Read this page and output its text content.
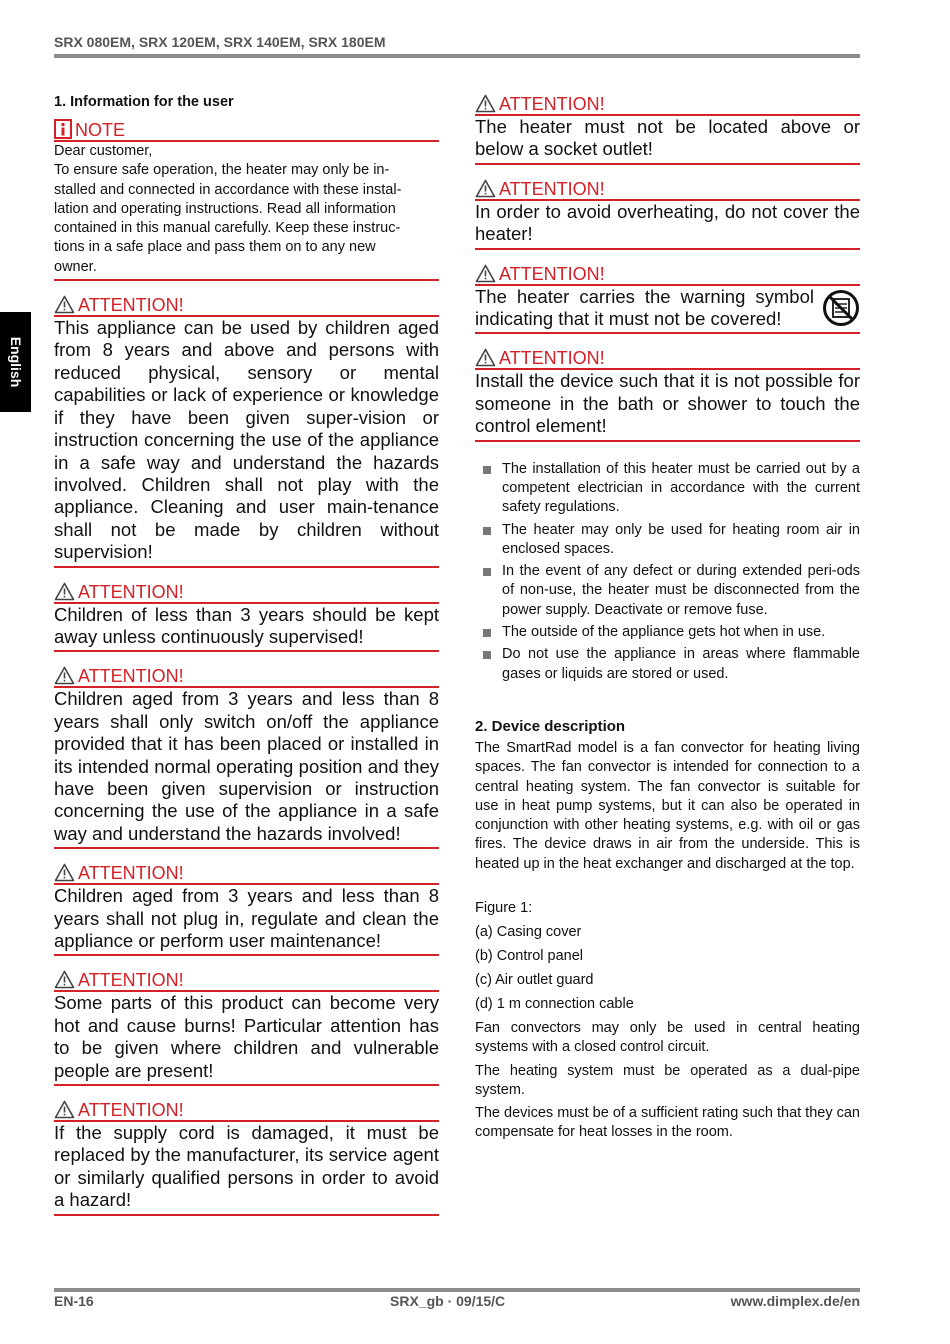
SRX 080EM, SRX 120EM, SRX 140EM, SRX 180EM
English
1. Information for the user
NOTE
Dear customer,
To ensure safe operation, the heater may only be in-
stalled and connected in accordance with these instal-
lation and operating instructions. Read all information
contained in this manual carefully. Keep these instruc-
tions in a safe place and pass them on to any new
owner.
ATTENTION!
This appliance can be used by children aged from 8 years and above and persons with reduced physical, sensory or mental capabilities or lack of experience or knowledge if they have been given super-vision or instruction concerning the use of the appliance in a safe way and understand the hazards involved. Children shall not play with the appliance. Cleaning and user main-tenance shall not be made by children without supervision!
ATTENTION!
Children of less than 3 years should be kept away unless continuously supervised!
ATTENTION!
Children aged from 3 years and less than 8 years shall only switch on/off the appliance provided that it has been placed or installed in its intended normal operating position and they have been given supervision or instruction concerning the use of the appliance in a safe way and understand the hazards involved!
ATTENTION!
Children aged from 3 years and less than 8 years shall not plug in, regulate and clean the appliance or perform user maintenance!
ATTENTION!
Some parts of this product can become very hot and cause burns! Particular attention has to be given where children and vulnerable people are present!
ATTENTION!
If the supply cord is damaged, it must be replaced by the manufacturer, its service agent or similarly qualified persons in order to avoid a hazard!
ATTENTION!
The heater must not be located above or below a socket outlet!
ATTENTION!
In order to avoid overheating, do not cover the heater!
ATTENTION!
The heater carries the warning symbol indicating that it must not be covered!
ATTENTION!
Install the device such that it is not possible for someone in the bath or shower to touch the control element!
The installation of this heater must be carried out by a competent electrician in accordance with the current safety regulations.
The heater may only be used for heating room air in enclosed spaces.
In the event of any defect or during extended peri-ods of non-use, the heater must be disconnected from the power supply. Deactivate or remove fuse.
The outside of the appliance gets hot when in use.
Do not use the appliance in areas where flammable gases or liquids are stored or used.
2. Device description

The SmartRad model is a fan convector for heating living spaces. The fan convector is intended for connection to a central heating system. The fan convector is suitable for use in heat pump systems, but it can also be operated in conjunction with other heating systems, e.g. with oil or gas fires. The device draws in air from the underside. This is heated up in the heat exchanger and discharged at the top.

Figure 1:
(a) Casing cover
(b) Control panel
(c) Air outlet guard
(d) 1 m connection cable

Fan convectors may only be used in central heating systems with a closed control circuit.

The heating system must be operated as a dual-pipe system.

The devices must be of a sufficient rating such that they can compensate for heat losses in the room.

EN-16	SRX_gb · 09/15/C	www.dimplex.de/en
